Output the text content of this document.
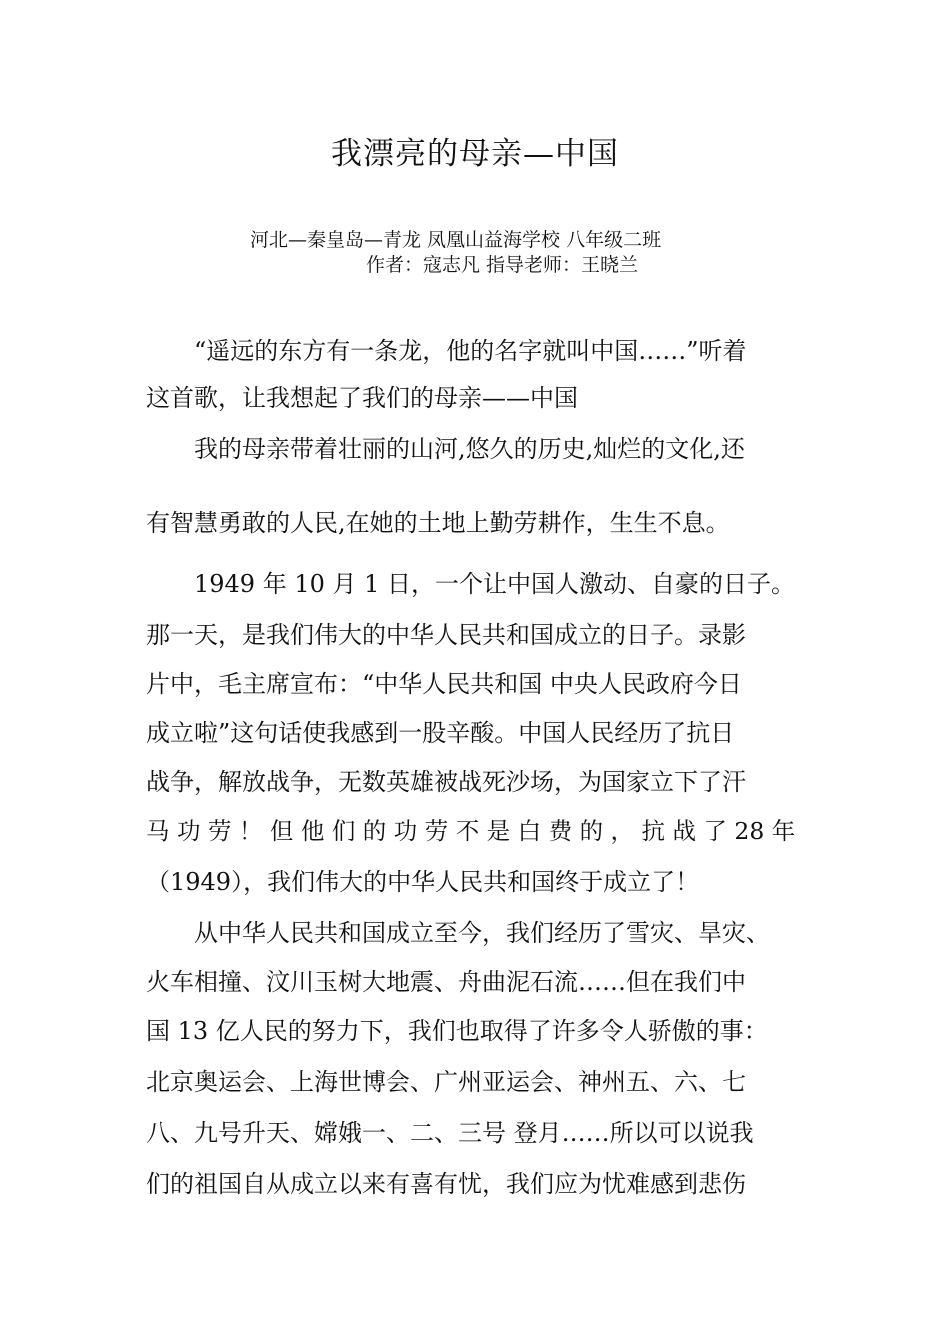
我漂亮的母亲—中国

河北—秦皇岛—青龙 凤凰山益海学校 八年级二班

作者：寇志凡 指导老师：王晓兰

“遥远的东方有一条龙，他的名字就叫中国……”听着

这首歌，让我想起了我们的母亲——中国

我的母亲带着壮丽的山河,悠久的历史,灿烂的文化,还

有智慧勇敢的人民,在她的土地上勤劳耕作，生生不息。

1949 年 10 月 1 日，一个让中国人激动、自豪的日子。

那一天，是我们伟大的中华人民共和国成立的日子。录影

片中，毛主席宣布：“中华人民共和国 中央人民政府今日

成立啦”这句话使我感到一股辛酸。中国人民经历了抗日

战争，解放战争，无数英雄被战死沙场，为国家立下了汗

马 功 劳 ！ 但 他 们 的 功 劳 不 是 白 费 的 ， 抗 战 了 28 年

（1949），我们伟大的中华人民共和国终于成立了！

从中华人民共和国成立至今，我们经历了雪灾、旱灾、

火车相撞、汶川玉树大地震、舟曲泥石流……但在我们中

国 13 亿人民的努力下，我们也取得了许多令人骄傲的事：

北京奥运会、上海世博会、广州亚运会、神州五、六、七

八、九号升天、嫦娥一、二、三号 登月……所以可以说我

们的祖国自从成立以来有喜有忧，我们应为忧难感到悲伤
